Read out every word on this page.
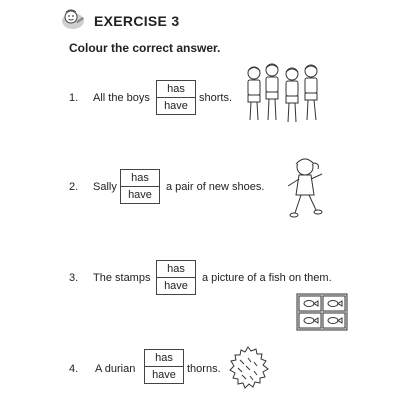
EXERCISE 3
Colour the correct answer.
1. All the boys
has
have
shorts.
2. Sally
has
have
a pair of new shoes.
3. The stamps
has
have
a picture of a fish on them.
4. A durian
has
have	thorns.
